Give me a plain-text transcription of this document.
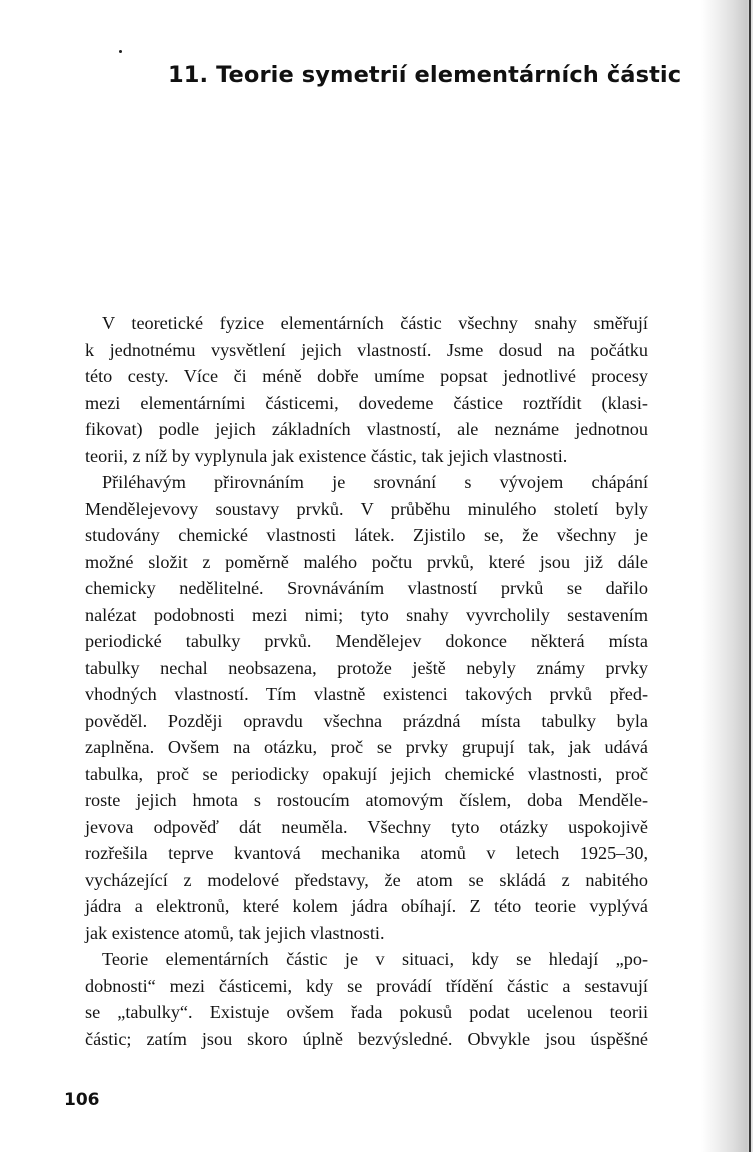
11. Teorie symetrií elementárních částic
V teoretické fyzice elementárních částic všechny snahy směřují
k jednotnému vysvětlení jejich vlastností. Jsme dosud na počátku
této cesty. Více či méně dobře umíme popsat jednotlivé procesy
mezi elementárními částicemi, dovedeme částice roztřídit (klasi-
fikovat) podle jejich základních vlastností, ale neznáme jednotnou
teorii, z níž by vyplynula jak existence částic, tak jejich vlastnosti.
Přiléhavým přirovnáním je srovnání s vývojem chápání
Mendělejevovy soustavy prvků. V průběhu minulého století byly
studovány chemické vlastnosti látek. Zjistilo se, že všechny je
možné složit z poměrně malého počtu prvků, které jsou již dále
chemicky nedělitelné. Srovnáváním vlastností prvků se dařilo
nalézat podobnosti mezi nimi; tyto snahy vyvrcholily sestavením
periodické tabulky prvků. Mendělejev dokonce některá místa
tabulky nechal neobsazena, protože ještě nebyly známy prvky
vhodných vlastností. Tím vlastně existenci takových prvků před-
pověděl. Později opravdu všechna prázdná místa tabulky byla
zaplněna. Ovšem na otázku, proč se prvky grupují tak, jak udává
tabulka, proč se periodicky opakují jejich chemické vlastnosti, proč
roste jejich hmota s rostoucím atomovým číslem, doba Menděle-
jevova odpověď dát neuměla. Všechny tyto otázky uspokojivě
rozřešila teprve kvantová mechanika atomů v letech 1925–30,
vycházející z modelové představy, že atom se skládá z nabitého
jádra a elektronů, které kolem jádra obíhají. Z této teorie vyplývá
jak existence atomů, tak jejich vlastnosti.
Teorie elementárních částic je v situaci, kdy se hledají „po-
dobnosti“ mezi částicemi, kdy se provádí třídění částic a sestavují
se „tabulky“. Existuje ovšem řada pokusů podat ucelenou teorii
částic; zatím jsou skoro úplně bezvýsledné. Obvykle jsou úspěšné

106
